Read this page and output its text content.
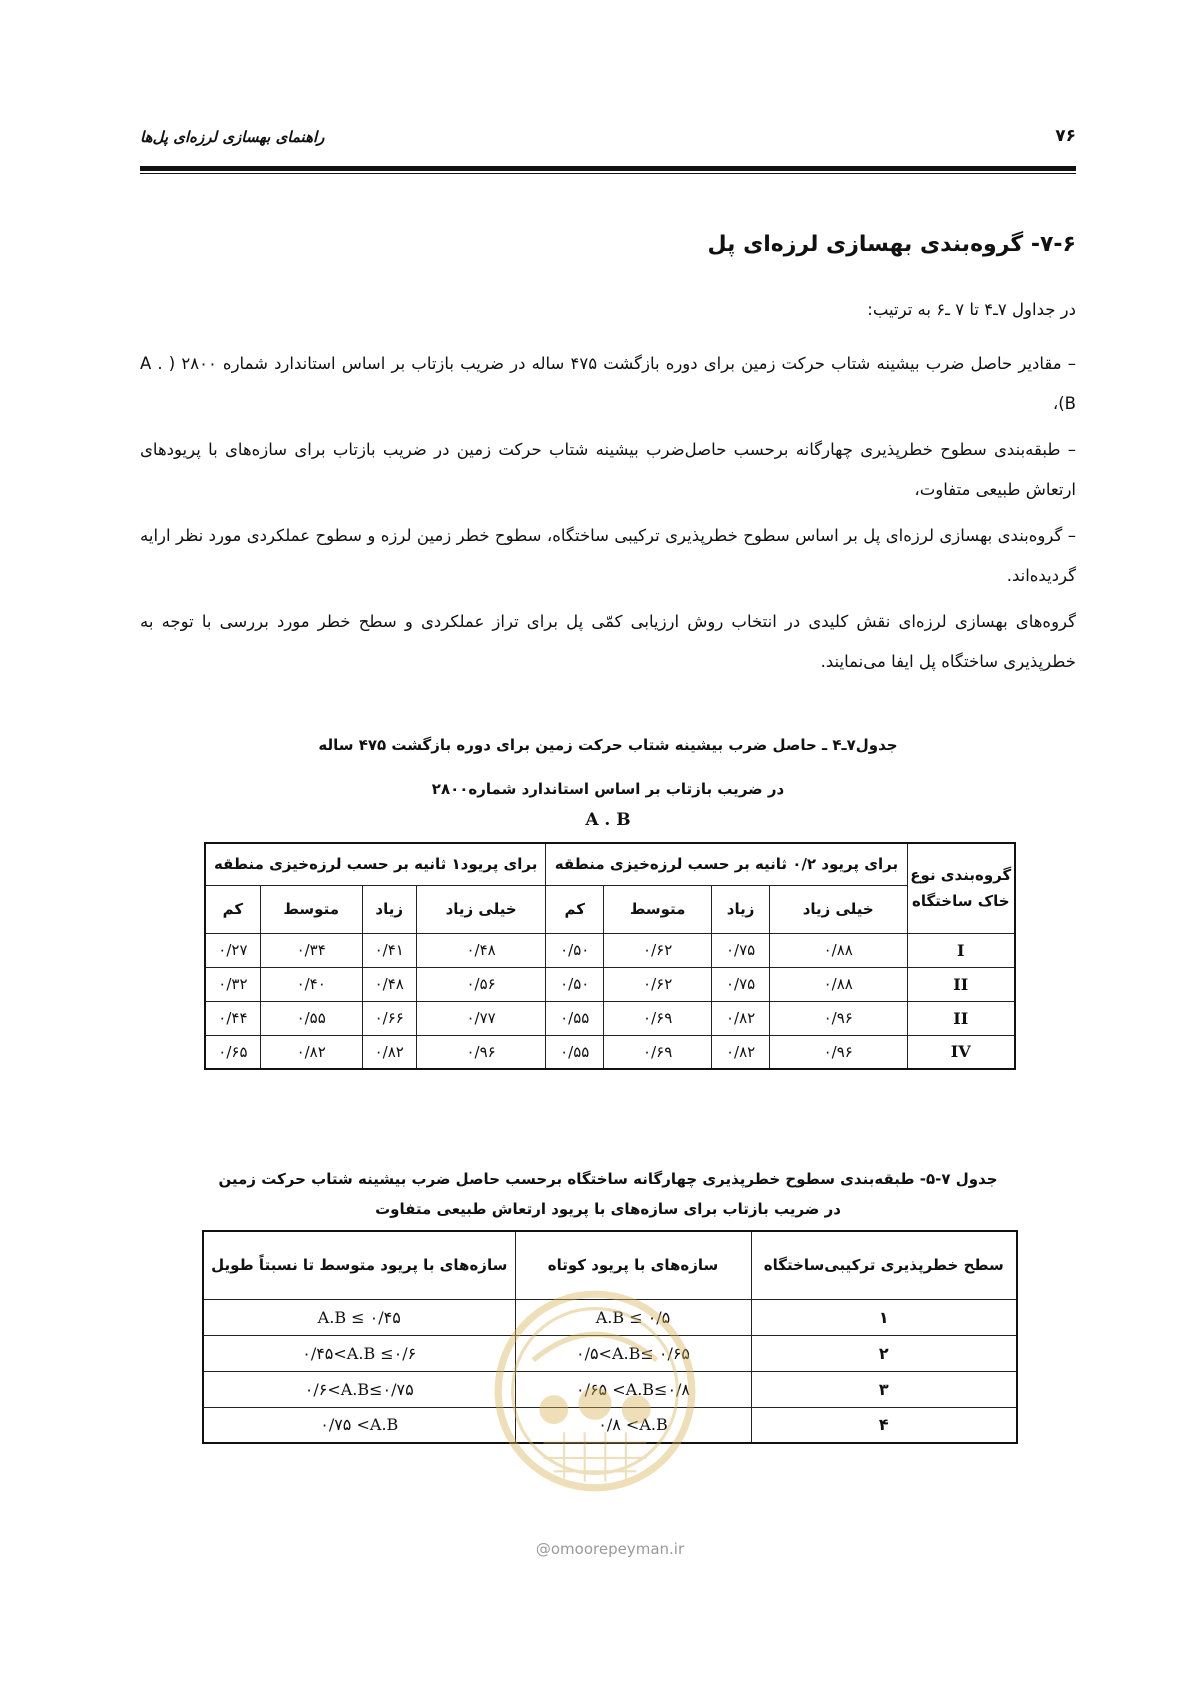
۷۶
راهنمای بهسازی لرزه‌ای پل‌ها
۷-۶- گروه‌بندی بهسازی لرزه‌ای پل

در جداول ۷ـ۴ تا ۷ ـ۶ به ترتیب:

– مقادیر حاصل ضرب بیشینه شتاب حرکت زمین برای دوره بازگشت ۴۷۵ ساله در ضریب بازتاب بر اساس استاندارد شماره ۲۸۰۰ ( A . B)،

– طبقه‌بندی سطوح خطرپذیری چهارگانه برحسب حاصل‌ضرب بیشینه شتاب حرکت زمین در ضریب بازتاب برای سازه‌های با پریودهای ارتعاش طبیعی متفاوت،

– گروه‌بندی بهسازی لرزه‌ای پل بر اساس سطوح خطرپذیری ترکیبی ساختگاه، سطوح خطر زمین لرزه و سطوح عملکردی مورد نظر ارایه گردیده‌اند.

گروه‌های بهسازی لرزه‌ای نقش کلیدی در انتخاب روش ارزیابی کمّی پل برای تراز عملکردی و سطح خطر مورد بررسی با توجه به خطرپذیری ساختگاه پل ایفا می‌نمایند.

جدول۷ـ۴ ـ حاصل ضرب بیشینه شتاب حرکت زمین برای دوره بازگشت ۴۷۵ ساله
در ضریب بازتاب بر اساس استاندارد شماره۲۸۰۰
A . B
گروه‌بندی نوع خاک ساختگاه	برای پریود ۰/۲ ثانیه بر حسب لرزه‌خیزی منطقه				برای پریود۱ ثانیه بر حسب لرزه‌خیزی منطقه			
	خیلی زیاد	زیاد	متوسط	کم	خیلی زیاد	زیاد	متوسط	کم
I	۰/۸۸	۰/۷۵	۰/۶۲	۰/۵۰	۰/۴۸	۰/۴۱	۰/۳۴	۰/۲۷
II	۰/۸۸	۰/۷۵	۰/۶۲	۰/۵۰	۰/۵۶	۰/۴۸	۰/۴۰	۰/۳۲
II	۰/۹۶	۰/۸۲	۰/۶۹	۰/۵۵	۰/۷۷	۰/۶۶	۰/۵۵	۰/۴۴
IV	۰/۹۶	۰/۸۲	۰/۶۹	۰/۵۵	۰/۹۶	۰/۸۲	۰/۸۲	۰/۶۵
جدول ۷-۵- طبقه‌بندی سطوح خطرپذیری چهارگانه ساختگاه برحسب حاصل ضرب بیشینه شتاب حرکت زمین
در ضریب بازتاب برای سازه‌های با پریود ارتعاش طبیعی متفاوت
سطح خطرپذیری ترکیبی‌ساختگاه	سازه‌های با پریود کوتاه	سازه‌های با پریود متوسط تا نسبتاً طویل
۱	A.B ≤ ۰/۵	A.B ≤ ۰/۴۵
۲	۰/۵<A.B≤ ۰/۶۵	۰/۴۵<A.B ≤۰/۶
۳	۰/۶۵ <A.B≤۰/۸	۰/۶<A.B≤۰/۷۵
۴	۰/۸ <A.B	۰/۷۵ <A.B
@omoorepeyman.ir
